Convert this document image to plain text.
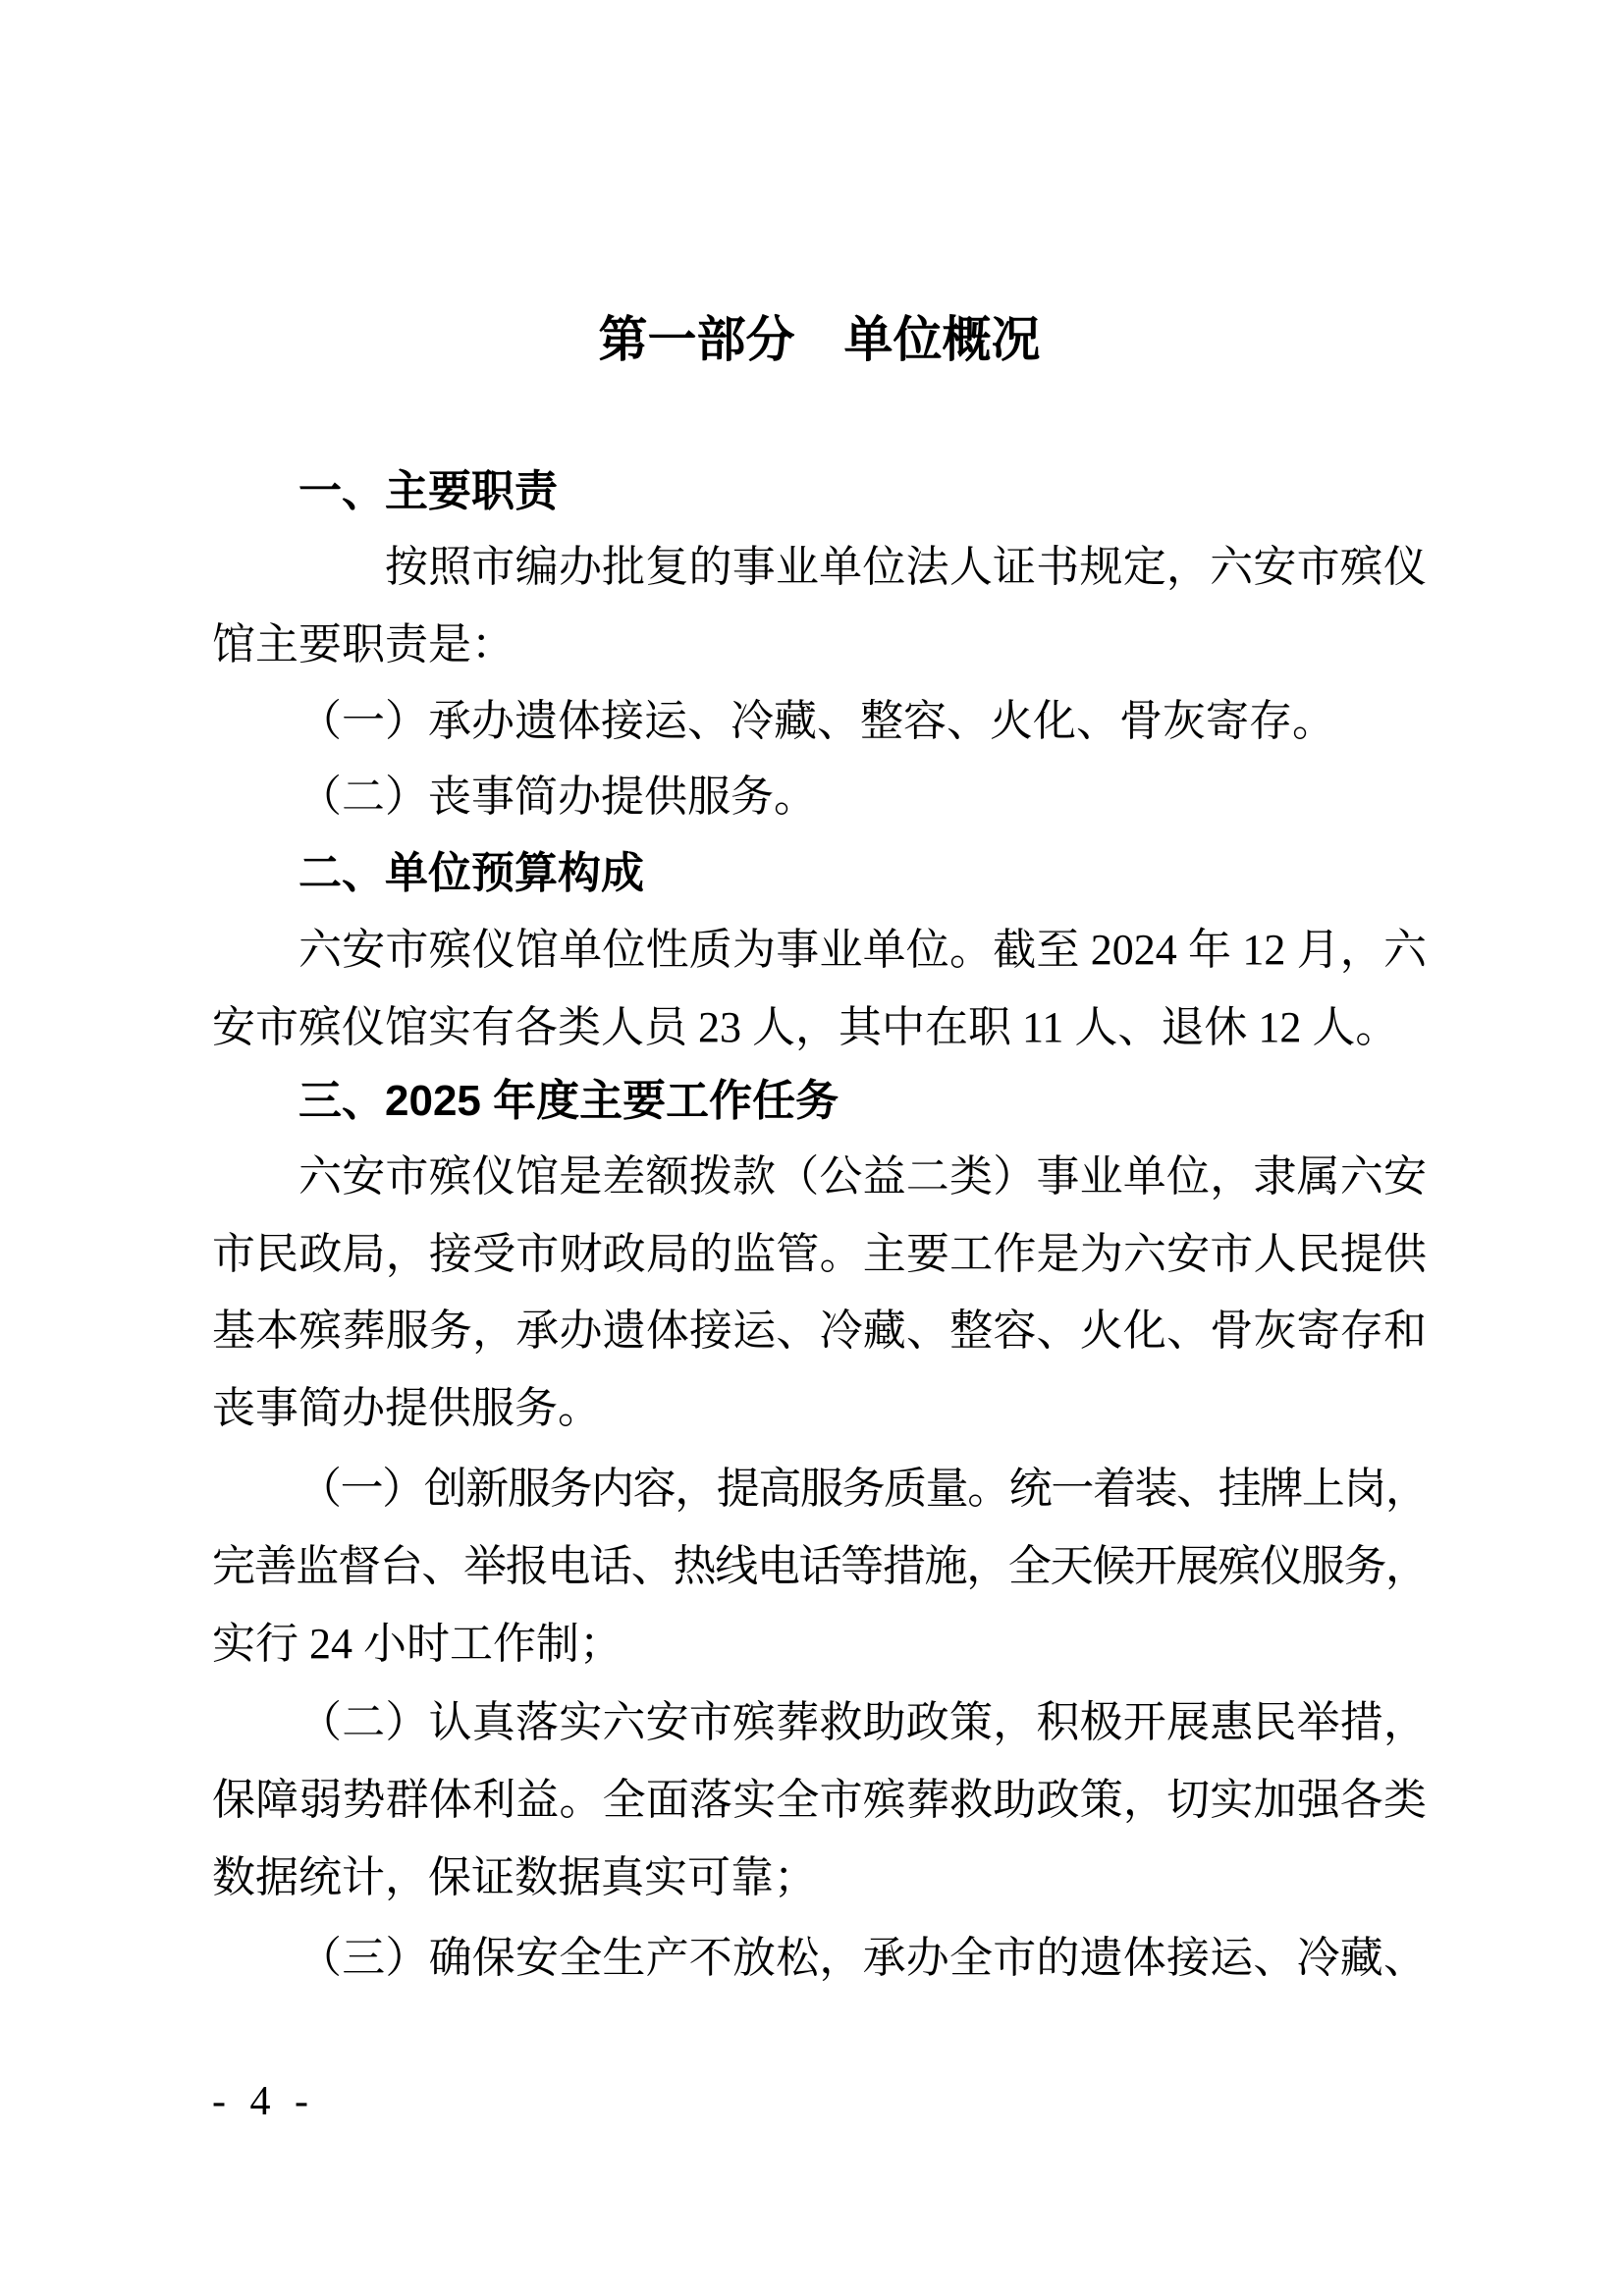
第一部分　单位概况
一、主要职责
按照市编办批复的事业单位法人证书规定，六安市殡仪
馆主要职责是：
（一）承办遗体接运、冷藏、整容、火化、骨灰寄存。
（二）丧事简办提供服务。
二、单位预算构成
六安市殡仪馆单位性质为事业单位。截至 2024 年 12 月，六
安市殡仪馆实有各类人员 23 人，其中在职 11 人、退休 12 人。
三、2025 年度主要工作任务
六安市殡仪馆是差额拨款（公益二类）事业单位，隶属六安
市民政局，接受市财政局的监管。主要工作是为六安市人民提供
基本殡葬服务，承办遗体接运、冷藏、整容、火化、骨灰寄存和
丧事简办提供服务。
（一）创新服务内容，提高服务质量。统一着装、挂牌上岗，
完善监督台、举报电话、热线电话等措施，全天候开展殡仪服务，
实行 24 小时工作制；
（二）认真落实六安市殡葬救助政策，积极开展惠民举措，
保障弱势群体利益。全面落实全市殡葬救助政策，切实加强各类
数据统计，保证数据真实可靠；
（三）确保安全生产不放松，承办全市的遗体接运、冷藏、
- 4 -
